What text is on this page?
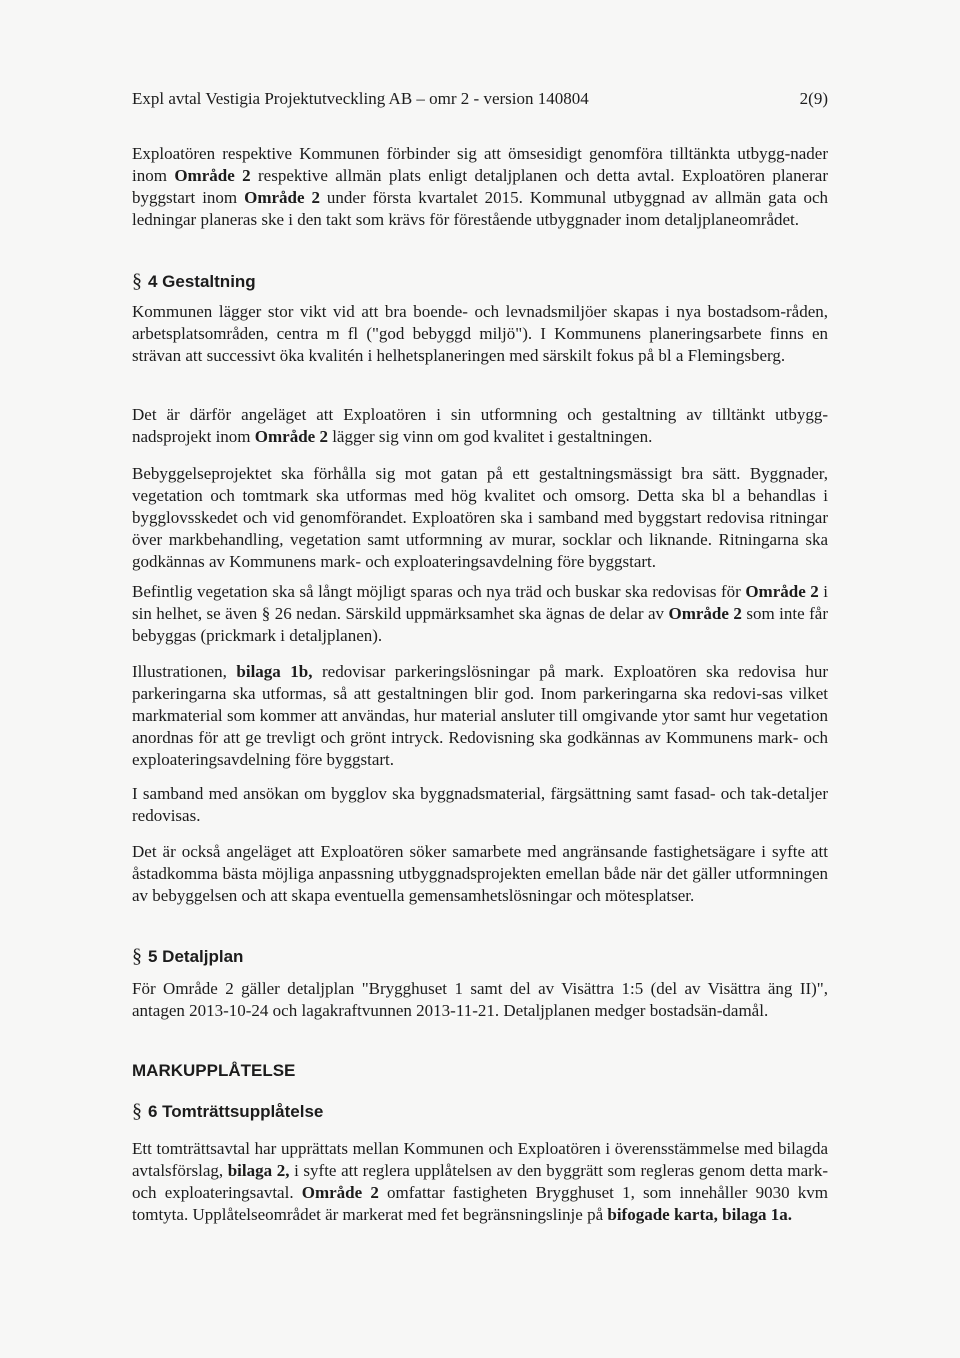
Expl avtal Vestigia Projektutveckling AB – omr 2 - version 140804	2(9)

Exploatören respektive Kommunen förbinder sig att ömsesidigt genomföra tilltänkta utbygg-nader inom Område 2 respektive allmän plats enligt detaljplanen och detta avtal. Exploatören planerar byggstart inom Område 2 under första kvartalet 2015. Kommunal utbyggnad av allmän gata och ledningar planeras ske i den takt som krävs för förestående utbyggnader inom detaljplaneområdet.

§ 4 Gestaltning

Kommunen lägger stor vikt vid att bra boende- och levnadsmiljöer skapas i nya bostadsom-råden, arbetsplatsområden, centra m fl ("god bebyggd miljö"). I Kommunens planeringsarbete finns en strävan att successivt öka kvalitén i helhetsplaneringen med särskilt fokus på bl a Flemingsberg.

Det är därför angeläget att Exploatören i sin utformning och gestaltning av tilltänkt utbygg-nadsprojekt inom Område 2 lägger sig vinn om god kvalitet i gestaltningen.

Bebyggelseprojektet ska förhålla sig mot gatan på ett gestaltningsmässigt bra sätt. Byggnader, vegetation och tomtmark ska utformas med hög kvalitet och omsorg. Detta ska bl a behandlas i bygglovsskedet och vid genomförandet. Exploatören ska i samband med byggstart redovisa ritningar över markbehandling, vegetation samt utformning av murar, socklar och liknande. Ritningarna ska godkännas av Kommunens mark- och exploateringsavdelning före byggstart.

Befintlig vegetation ska så långt möjligt sparas och nya träd och buskar ska redovisas för Område 2 i sin helhet, se även § 26 nedan. Särskild uppmärksamhet ska ägnas de delar av Område 2 som inte får bebyggas (prickmark i detaljplanen).

Illustrationen, bilaga 1b, redovisar parkeringslösningar på mark. Exploatören ska redovisa hur parkeringarna ska utformas, så att gestaltningen blir god. Inom parkeringarna ska redovi-sas vilket markmaterial som kommer att användas, hur material ansluter till omgivande ytor samt hur vegetation anordnas för att ge trevligt och grönt intryck. Redovisning ska godkännas av Kommunens mark- och exploateringsavdelning före byggstart.

I samband med ansökan om bygglov ska byggnadsmaterial, färgsättning samt fasad- och tak-detaljer redovisas.

Det är också angeläget att Exploatören söker samarbete med angränsande fastighetsägare i syfte att åstadkomma bästa möjliga anpassning utbyggnadsprojekten emellan både när det gäller utformningen av bebyggelsen och att skapa eventuella gemensamhetslösningar och mötesplatser.

§ 5 Detaljplan

För Område 2 gäller detaljplan "Brygghuset 1 samt del av Visättra 1:5 (del av Visättra äng II)", antagen 2013-10-24 och lagakraftvunnen 2013-11-21. Detaljplanen medger bostadsän-damål.

MARKUPPLÅTELSE
§ 6 Tomträttsupplåtelse

Ett tomträttsavtal har upprättats mellan Kommunen och Exploatören i överensstämmelse med bilagda avtalsförslag, bilaga 2, i syfte att reglera upplåtelsen av den byggrätt som regleras genom detta mark- och exploateringsavtal. Område 2 omfattar fastigheten Brygghuset 1, som innehåller 9030 kvm tomtyta. Upplåtelseområdet är markerat med fet begränsningslinje på bifogade karta, bilaga 1a.
